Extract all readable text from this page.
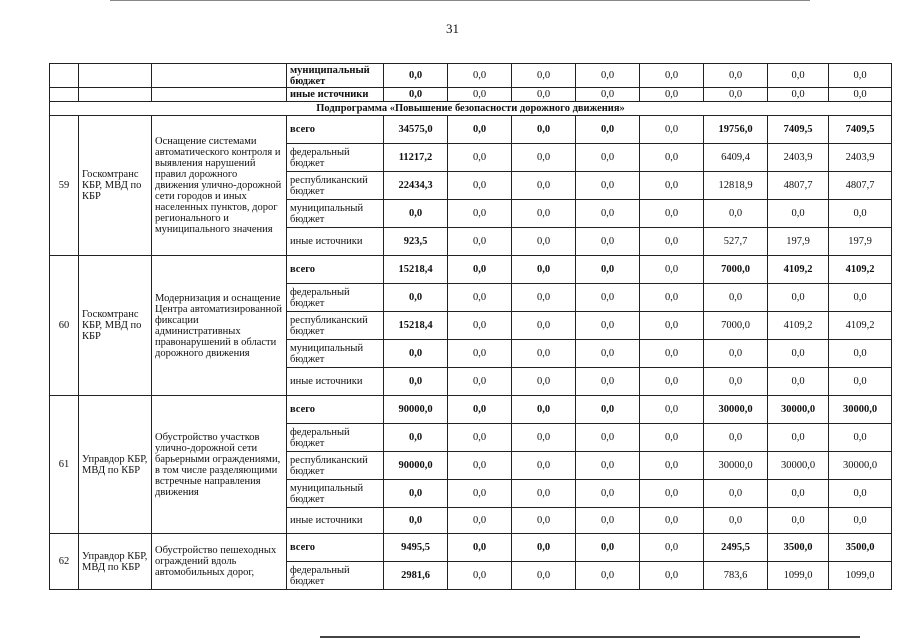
31
			муниципальный бюджет	0,0	0,0	0,0	0,0	0,0	0,0	0,0	0,0
			иные источники	0,0	0,0	0,0	0,0	0,0	0,0	0,0	0,0
Подпрограмма «Повышение безопасности дорожного движения»											
59	Госкомтранс КБР, МВД по КБР	Оснащение системами автоматического контроля и выявления нарушений правил дорожного движения улично-дорожной сети городов и иных населенных пунктов, дорог регионального и муниципального значения	всего	34575,0	0,0	0,0	0,0	0,0	19756,0	7409,5	7409,5
			федеральный бюджет	11217,2	0,0	0,0	0,0	0,0	6409,4	2403,9	2403,9
			республиканский бюджет	22434,3	0,0	0,0	0,0	0,0	12818,9	4807,7	4807,7
			муниципальный бюджет	0,0	0,0	0,0	0,0	0,0	0,0	0,0	0,0
			иные источники	923,5	0,0	0,0	0,0	0,0	527,7	197,9	197,9
60	Госкомтранс КБР, МВД по КБР	Модернизация и оснащение Центра автоматизированной фиксации административных правонарушений в области дорожного движения	всего	15218,4	0,0	0,0	0,0	0,0	7000,0	4109,2	4109,2
			федеральный бюджет	0,0	0,0	0,0	0,0	0,0	0,0	0,0	0,0
			республиканский бюджет	15218,4	0,0	0,0	0,0	0,0	7000,0	4109,2	4109,2
			муниципальный бюджет	0,0	0,0	0,0	0,0	0,0	0,0	0,0	0,0
			иные источники	0,0	0,0	0,0	0,0	0,0	0,0	0,0	0,0
61	Управдор КБР, МВД по КБР	Обустройство участков улично-дорожной сети барьерными ограждениями, в том числе разделяющими встречные направления движения	всего	90000,0	0,0	0,0	0,0	0,0	30000,0	30000,0	30000,0
			федеральный бюджет	0,0	0,0	0,0	0,0	0,0	0,0	0,0	0,0
			республиканский бюджет	90000,0	0,0	0,0	0,0	0,0	30000,0	30000,0	30000,0
			муниципальный бюджет	0,0	0,0	0,0	0,0	0,0	0,0	0,0	0,0
			иные источники	0,0	0,0	0,0	0,0	0,0	0,0	0,0	0,0
62	Управдор КБР, МВД по КБР	Обустройство пешеходных ограждений вдоль автомобильных дорог,	всего	9495,5	0,0	0,0	0,0	0,0	2495,5	3500,0	3500,0
			федеральный бюджет	2981,6	0,0	0,0	0,0	0,0	783,6	1099,0	1099,0
